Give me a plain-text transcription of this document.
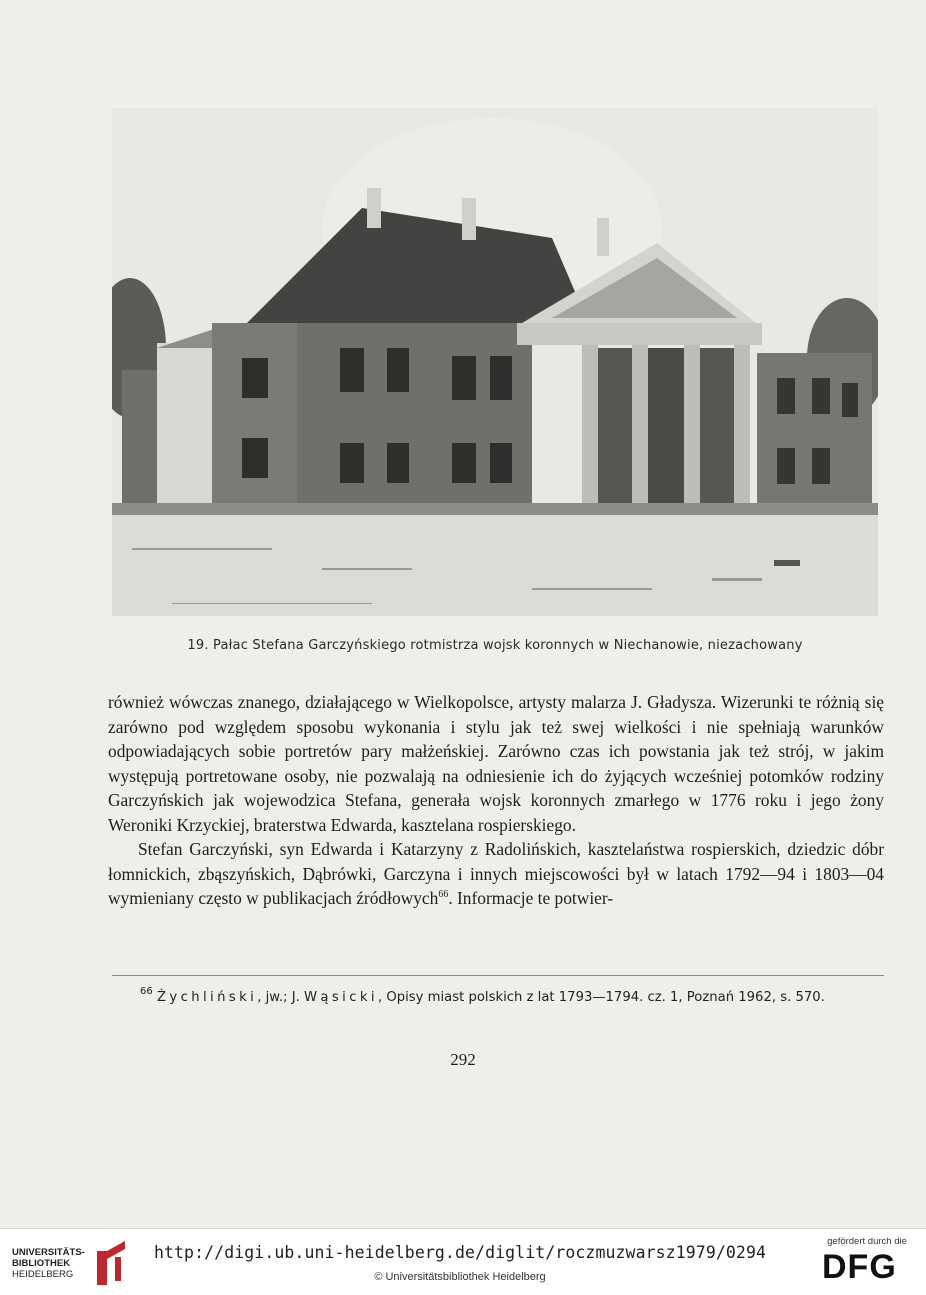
19. Pałac Stefana Garczyńskiego rotmistrza wojsk koronnych w Niechanowie, niezachowany

również wówczas znanego, działającego w Wielkopolsce, artysty malarza J. Gładysza. Wizerunki te różnią się zarówno pod względem sposobu wykonania i stylu jak też swej wielkości i nie spełniają warunków odpowiadających sobie portretów pary małżeńskiej. Zarówno czas ich powstania jak też strój, w jakim występują portretowane osoby, nie pozwalają na odniesienie ich do żyjących wcześniej potomków rodziny Garczyńskich jak wojewodzica Stefana, generała wojsk koronnych zmarłego w 1776 roku i jego żony Weroniki Krzyckiej, braterstwa Edwarda, kasztelana rospierskiego.

Stefan Garczyński, syn Edwarda i Katarzyny z Radolińskich, kasztelaństwa rospierskich, dziedzic dóbr łomnickich, zbąszyńskich, Dąbrówki, Garczyna i innych miejscowości był w latach 1792—94 i 1803—04 wymieniany często w publikacjach źródłowych$^{66}$. Informacje te potwier-

$^{66}$ Żychliński, jw.; J. Wąsicki, Opisy miast polskich z lat 1793—1794. cz. 1, Poznań 1962, s. 570.
292
UNIVERSITÄTS-
BIBLIOTHEK
HEIDELBERG
http://digi.ub.uni-heidelberg.de/diglit/roczmuzwarsz1979/0294
© Universitätsbibliothek Heidelberg
gefördert durch die
DFG
